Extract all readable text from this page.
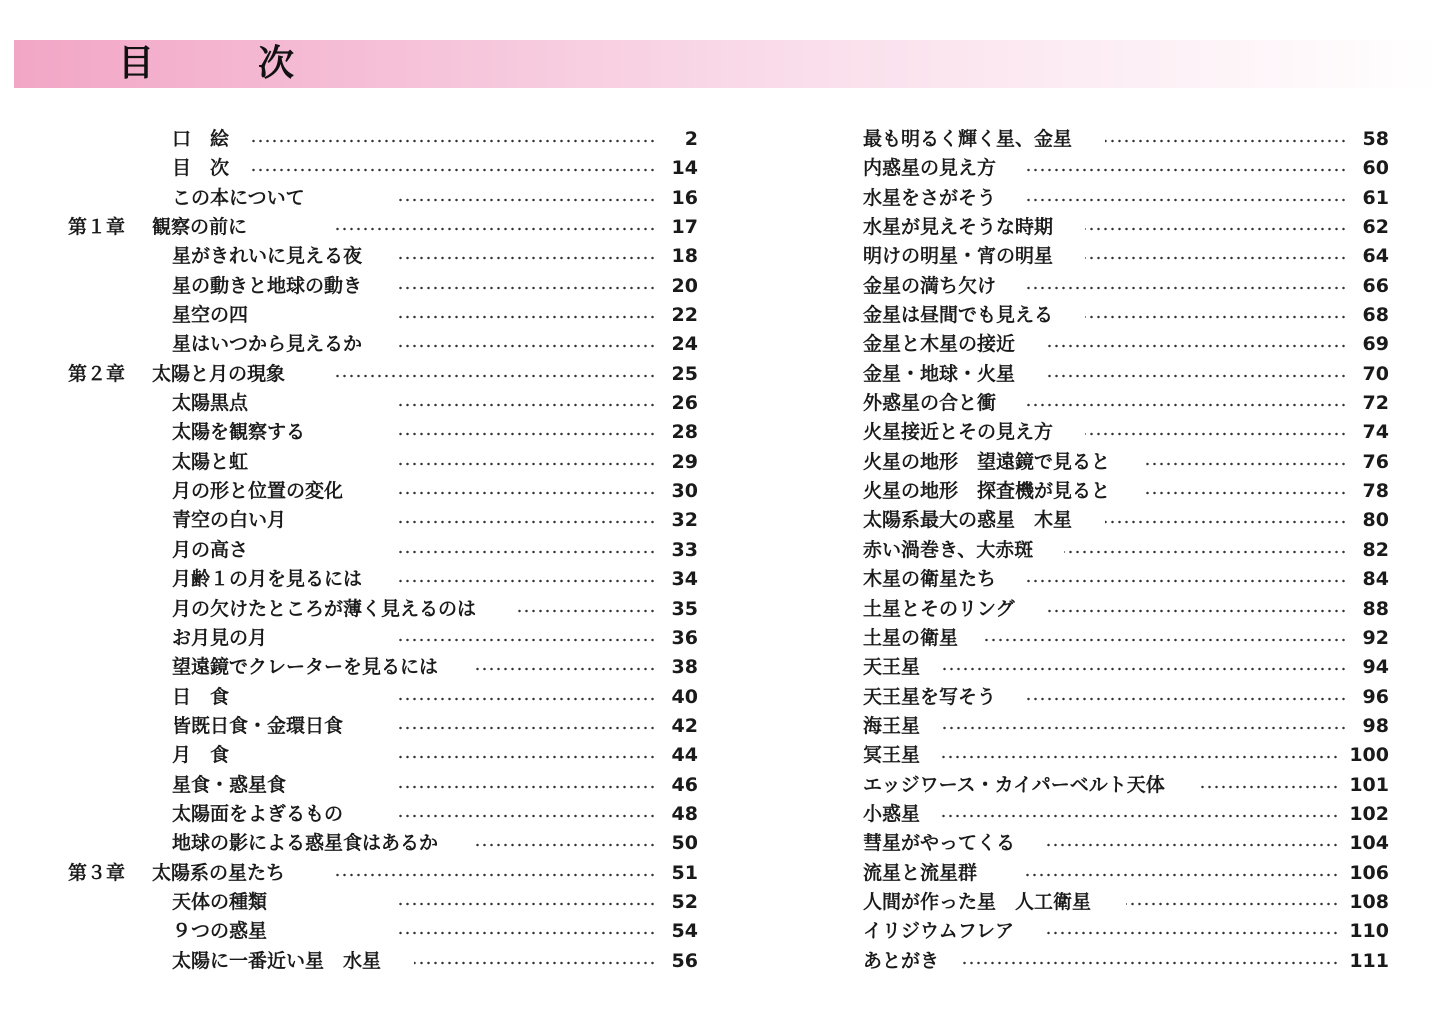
目　次
口　絵	2
目　次	14
この本について	16
第１章 観察の前に	17
星がきれいに見える夜	18
星の動きと地球の動き	20
星空の四	22
星はいつから見えるか	24
第２章 太陽と月の現象	25
太陽黒点	26
太陽を観察する	28
太陽と虹	29
月の形と位置の変化	30
青空の白い月	32
月の高さ	33
月齢１の月を見るには	34
月の欠けたところが薄く見えるのは	35
お月見の月	36
望遠鏡でクレーターを見るには	38
日　食	40
皆既日食・金環日食	42
月　食	44
星食・惑星食	46
太陽面をよぎるもの	48
地球の影による惑星食はあるか	50
第３章 太陽系の星たち	51
天体の種類	52
９つの惑星	54
太陽に一番近い星　水星	56
最も明るく輝く星、金星	58
内惑星の見え方	60
水星をさがそう	61
水星が見えそうな時期	62
明けの明星・宵の明星	64
金星の満ち欠け	66
金星は昼間でも見える	68
金星と木星の接近	69
金星・地球・火星	70
外惑星の合と衝	72
火星接近とその見え方	74
火星の地形　望遠鏡で見ると	76
火星の地形　探査機が見ると	78
太陽系最大の惑星　木星	80
赤い渦巻き、大赤斑	82
木星の衛星たち	84
土星とそのリング	88
土星の衛星	92
天王星	94
天王星を写そう	96
海王星	98
冥王星	100
エッジワース・カイパーベルト天体	101
小惑星	102
彗星がやってくる	104
流星と流星群	106
人間が作った星　人工衛星	108
イリジウムフレア	110
あとがき	111
